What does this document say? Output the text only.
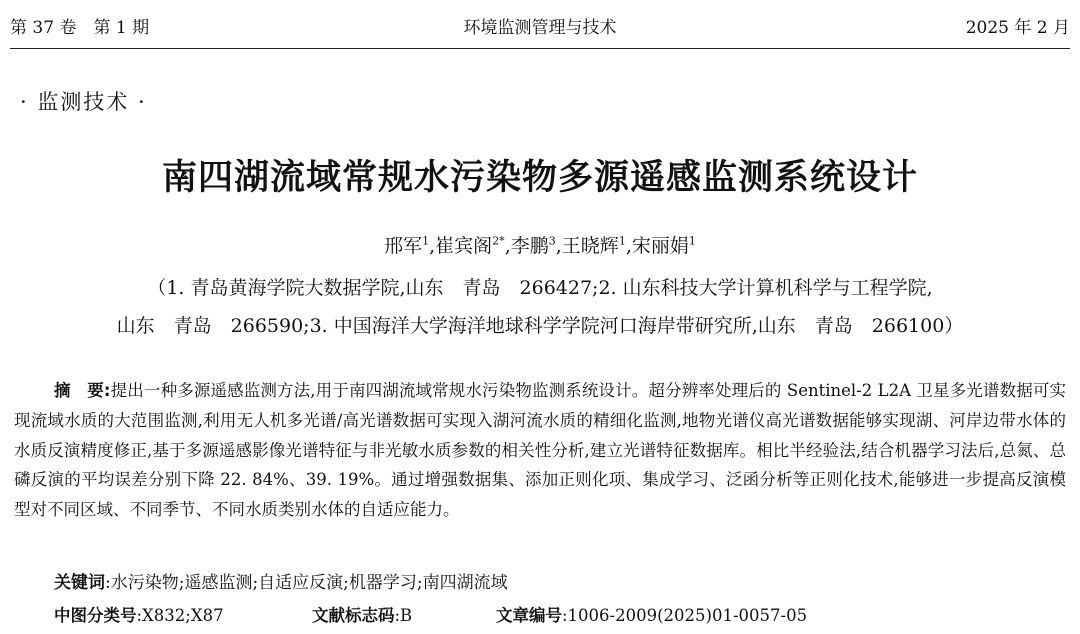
第 37 卷　第 1 期	环境监测管理与技术	2025 年 2 月
· 监测技术 ·
南四湖流域常规水污染物多源遥感监测系统设计
邢军$^1$,崔宾阁$^{2*}$,李鹏$^3$,王晓辉$^1$,宋丽娟$^1$
（1. 青岛黄海学院大数据学院,山东　青岛　266427;2. 山东科技大学计算机科学与工程学院,
山东　青岛　266590;3. 中国海洋大学海洋地球科学学院河口海岸带研究所,山东　青岛　266100）
摘　要:提出一种多源遥感监测方法,用于南四湖流域常规水污染物监测系统设计。超分辨率处理后的 Sentinel-2 L2A 卫星多光谱数据可实现流域水质的大范围监测,利用无人机多光谱/高光谱数据可实现入湖河流水质的精细化监测,地物光谱仪高光谱数据能够实现湖、河岸边带水体的水质反演精度修正,基于多源遥感影像光谱特征与非光敏水质参数的相关性分析,建立光谱特征数据库。相比半经验法,结合机器学习法后,总氮、总磷反演的平均误差分别下降 22. 84%、39. 19%。通过增强数据集、添加正则化项、集成学习、泛函分析等正则化技术,能够进一步提高反演模型对不同区域、不同季节、不同水质类别水体的自适应能力。
关键词:水污染物;遥感监测;自适应反演;机器学习;南四湖流域
中图分类号:X832;X87	文献标志码:B	文章编号:1006-2009(2025)01-0057-05
